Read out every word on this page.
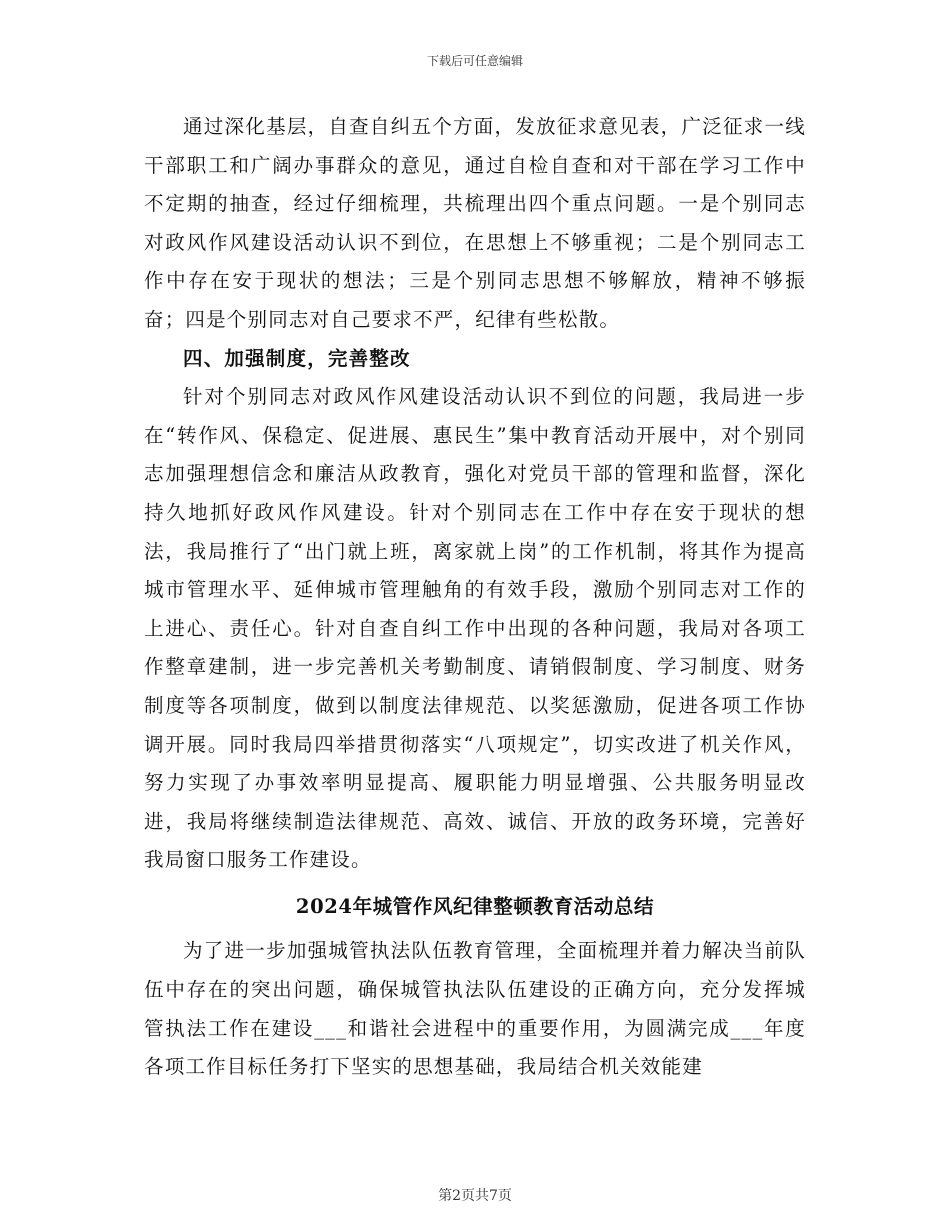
下载后可任意编辑

通过深化基层，自查自纠五个方面，发放征求意见表，广泛征求一线干部职工和广阔办事群众的意见，通过自检自查和对干部在学习工作中不定期的抽查，经过仔细梳理，共梳理出四个重点问题。一是个别同志对政风作风建设活动认识不到位，在思想上不够重视；二是个别同志工作中存在安于现状的想法；三是个别同志思想不够解放，精神不够振奋；四是个别同志对自己要求不严，纪律有些松散。

四、加强制度，完善整改

针对个别同志对政风作风建设活动认识不到位的问题，我局进一步在“转作风、保稳定、促进展、惠民生”集中教育活动开展中，对个别同志加强理想信念和廉洁从政教育，强化对党员干部的管理和监督，深化持久地抓好政风作风建设。针对个别同志在工作中存在安于现状的想法，我局推行了“出门就上班，离家就上岗”的工作机制，将其作为提高城市管理水平、延伸城市管理触角的有效手段，激励个别同志对工作的上进心、责任心。针对自查自纠工作中出现的各种问题，我局对各项工作整章建制，进一步完善机关考勤制度、请销假制度、学习制度、财务制度等各项制度，做到以制度法律规范、以奖惩激励，促进各项工作协调开展。同时我局四举措贯彻落实“八项规定”，切实改进了机关作风，努力实现了办事效率明显提高、履职能力明显增强、公共服务明显改进，我局将继续制造法律规范、高效、诚信、开放的政务环境，完善好我局窗口服务工作建设。

2024年城管作风纪律整顿教育活动总结

为了进一步加强城管执法队伍教育管理，全面梳理并着力解决当前队伍中存在的突出问题，确保城管执法队伍建设的正确方向，充分发挥城管执法工作在建设___和谐社会进程中的重要作用，为圆满完成___年度各项工作目标任务打下坚实的思想基础，我局结合机关效能建

第2页共7页
